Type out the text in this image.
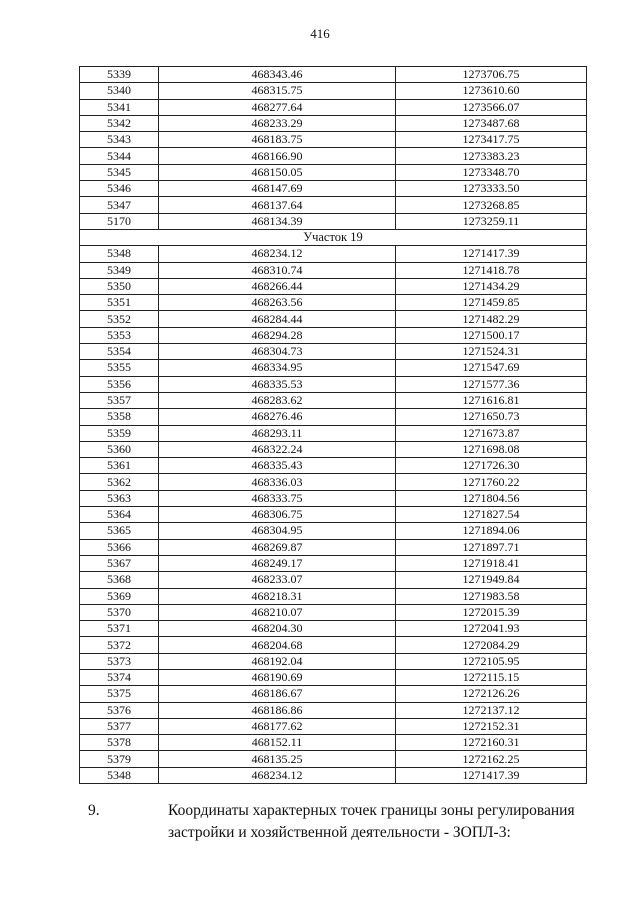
416
5339	468343.46	1273706.75
5340	468315.75	1273610.60
5341	468277.64	1273566.07
5342	468233.29	1273487.68
5343	468183.75	1273417.75
5344	468166.90	1273383.23
5345	468150.05	1273348.70
5346	468147.69	1273333.50
5347	468137.64	1273268.85
5170	468134.39	1273259.11
Участок 19		
5348	468234.12	1271417.39
5349	468310.74	1271418.78
5350	468266.44	1271434.29
5351	468263.56	1271459.85
5352	468284.44	1271482.29
5353	468294.28	1271500.17
5354	468304.73	1271524.31
5355	468334.95	1271547.69
5356	468335.53	1271577.36
5357	468283.62	1271616.81
5358	468276.46	1271650.73
5359	468293.11	1271673.87
5360	468322.24	1271698.08
5361	468335.43	1271726.30
5362	468336.03	1271760.22
5363	468333.75	1271804.56
5364	468306.75	1271827.54
5365	468304.95	1271894.06
5366	468269.87	1271897.71
5367	468249.17	1271918.41
5368	468233.07	1271949.84
5369	468218.31	1271983.58
5370	468210.07	1272015.39
5371	468204.30	1272041.93
5372	468204.68	1272084.29
5373	468192.04	1272105.95
5374	468190.69	1272115.15
5375	468186.67	1272126.26
5376	468186.86	1272137.12
5377	468177.62	1272152.31
5378	468152.11	1272160.31
5379	468135.25	1272162.25
5348	468234.12	1271417.39
9.	Координаты характерных точек границы зоны регулирования застройки и хозяйственной деятельности - ЗОПЛ-3:
